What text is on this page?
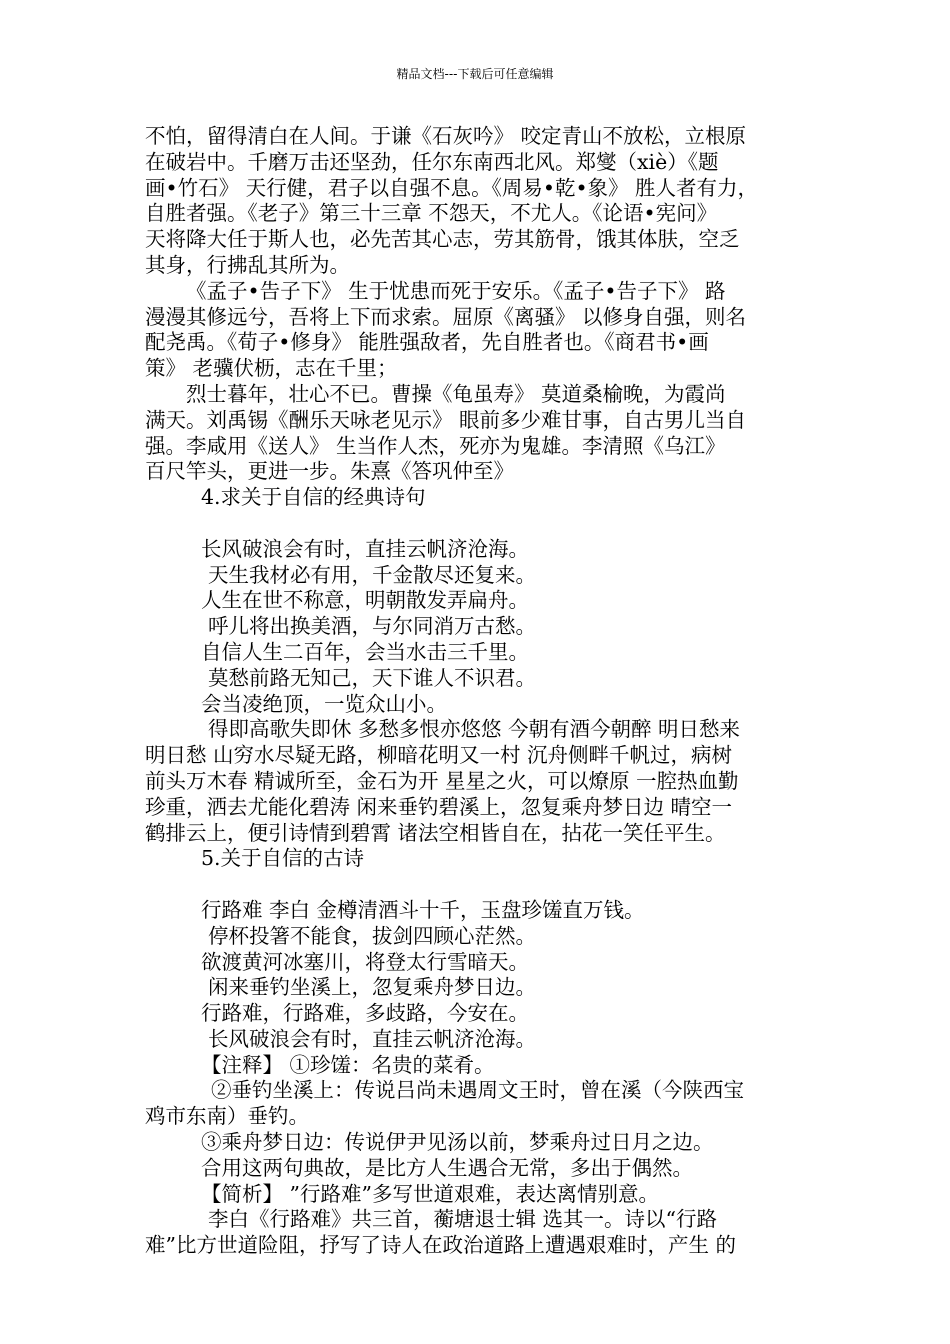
精品文档---下载后可任意编辑
不怕，留得清白在人间。于谦《石灰吟》 咬定青山不放松，立根原
在破岩中。千磨万击还坚劲，任尔东南西北风。郑燮（xiè）《题
画•竹石》 天行健，君子以自强不息。《周易•乾•象》 胜人者有力，
自胜者强。《老子》第三十三章 不怨天，不尤人。《论语•宪问》
天将降大任于斯人也，必先苦其心志，劳其筋骨，饿其体肤，空乏
其身，行拂乱其所为。
《孟子•告子下》 生于忧患而死于安乐。《孟子•告子下》 路
漫漫其修远兮，吾将上下而求索。屈原《离骚》 以修身自强，则名
配尧禹。《荀子•修身》 能胜强敌者，先自胜者也。《商君书•画
策》 老骥伏枥，志在千里；
烈士暮年，壮心不已。曹操《龟虽寿》 莫道桑榆晚，为霞尚
满天。刘禹锡《酬乐天咏老见示》 眼前多少难甘事，自古男儿当自
强。李咸用《送人》 生当作人杰，死亦为鬼雄。李清照《乌江》
百尺竿头，更进一步。朱熹《答巩仲至》
4.求关于自信的经典诗句
长风破浪会有时，直挂云帆济沧海。
天生我材必有用，千金散尽还复来。
人生在世不称意，明朝散发弄扁舟。
呼儿将出换美酒，与尔同消万古愁。
自信人生二百年，会当水击三千里。
莫愁前路无知己，天下谁人不识君。
会当凌绝顶，一览众山小。
得即高歌失即休 多愁多恨亦悠悠 今朝有酒今朝醉 明日愁来
明日愁 山穷水尽疑无路，柳暗花明又一村 沉舟侧畔千帆过，病树
前头万木春 精诚所至，金石为开 星星之火，可以燎原 一腔热血勤
珍重，洒去尤能化碧涛 闲来垂钓碧溪上，忽复乘舟梦日边 晴空一
鹤排云上，便引诗情到碧霄 诸法空相皆自在，拈花一笑任平生。
5.关于自信的古诗
行路难 李白 金樽清酒斗十千，玉盘珍馐直万钱。
停杯投箸不能食，拔剑四顾心茫然。
欲渡黄河冰塞川，将登太行雪暗天。
闲来垂钓坐溪上，忽复乘舟梦日边。
行路难，行路难，多歧路，今安在。
长风破浪会有时，直挂云帆济沧海。
【注释】 ①珍馐：名贵的菜肴。
②垂钓坐溪上：传说吕尚未遇周文王时，曾在溪（今陕西宝
鸡市东南）垂钓。
③乘舟梦日边：传说伊尹见汤以前，梦乘舟过日月之边。
合用这两句典故，是比方人生遇合无常，多出于偶然。
【简析】 ”行路难”多写世道艰难，表达离情别意。
李白《行路难》共三首，蘅塘退士辑 选其一。诗以“行路
难”比方世道险阻，抒写了诗人在政治道路上遭遇艰难时，产生 的
